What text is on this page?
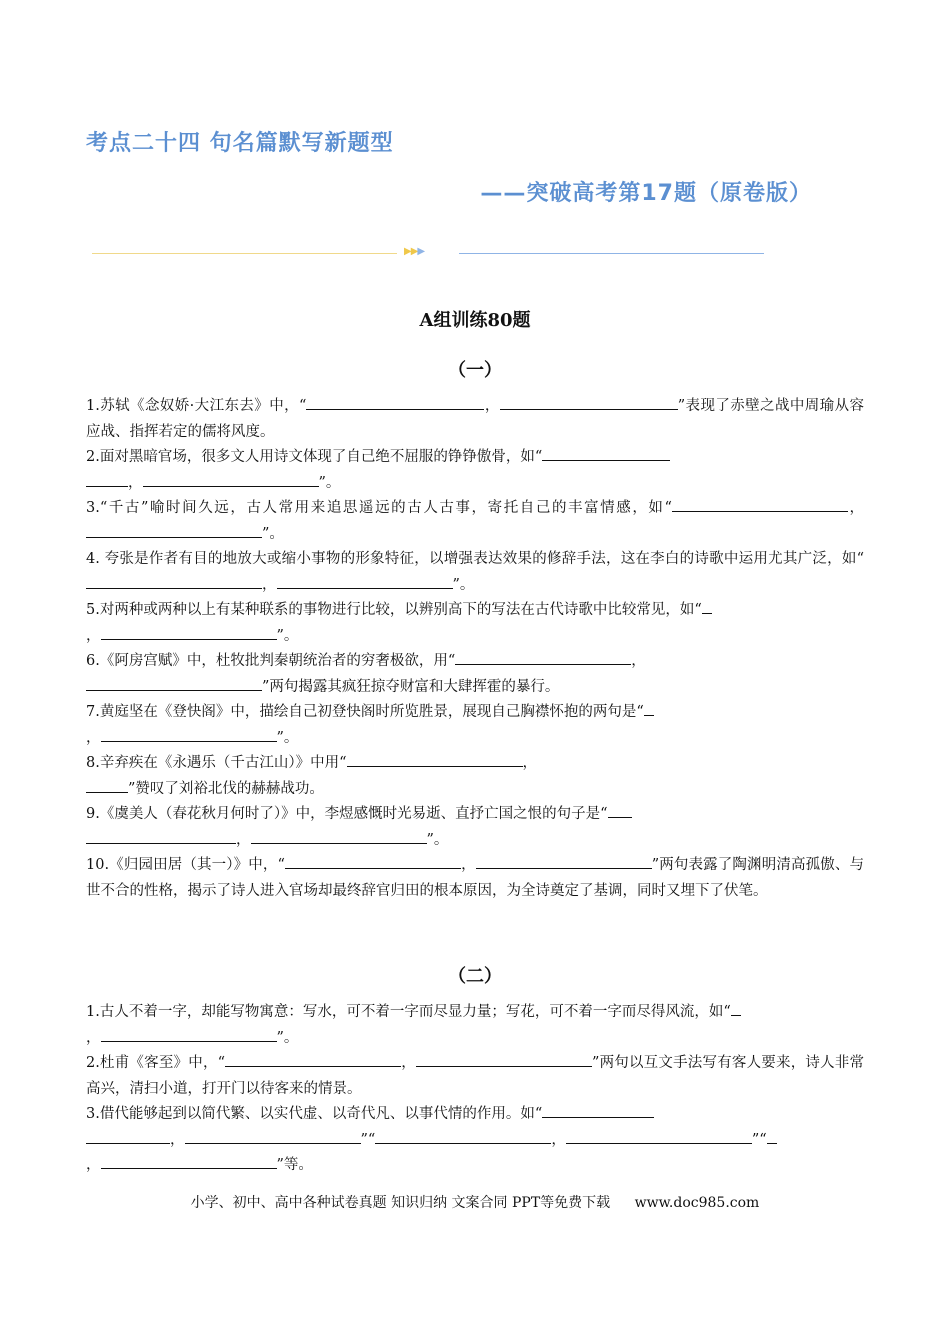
考点二十四 句名篇默写新题型
——突破高考第17题（原卷版）
▶▶▶
A组训练80题
（一）

1.苏轼《念奴娇·大江东去》中，“	，	”表现了赤壁之战中周瑜从容应战、指挥若定的儒将风度。

2.面对黑暗官场，很多文人用诗文体现了自己绝不屈服的铮铮傲骨，如“
，	”。

3.“千古”喻时间久远，古人常用来追思遥远的古人古事，寄托自己的丰富情感，如“	，”。

4. 夸张是作者有目的地放大或缩小事物的形象特征，以增强表达效果的修辞手法，这在李白的诗歌中运用尤其广泛，如“，	”。

5.对两种或两种以上有某种联系的事物进行比较，以辨别高下的写法在古代诗歌中比较常见，如“
，	”。

6.《阿房宫赋》中，杜牧批判秦朝统治者的穷奢极欲，用“	，
”两句揭露其疯狂掠夺财富和大肆挥霍的暴行。

7.黄庭坚在《登快阁》中，描绘自己初登快阁时所览胜景，展现自己胸襟怀抱的两句是“
，	”。

8.辛弃疾在《永遇乐（千古江山）》中用“	，
”赞叹了刘裕北伐的赫赫战功。

9.《虞美人（春花秋月何时了）》中，李煜感慨时光易逝、直抒亡国之恨的句子是“
，	”。

10.《归园田居（其一）》中，“	，	”两句表露了陶渊明清高孤傲、与世不合的性格，揭示了诗人进入官场却最终辞官归田的根本原因，为全诗奠定了基调，同时又埋下了伏笔。

（二）

1.古人不着一字，却能写物寓意：写水，可不着一字而尽显力量；写花，可不着一字而尽得风流，如“
，	”。

2.杜甫《客至》中，“	，	”两句以互文手法写有客人要来，诗人非常高兴，清扫小道，打开门以待客来的情景。

3.借代能够起到以简代繁、以实代虚、以奇代凡、以事代情的作用。如“
，	”“	，	”“
，	”等。

小学、初中、高中各种试卷真题 知识归纳 文案合同 PPT等免费下载 www.doc985.com
